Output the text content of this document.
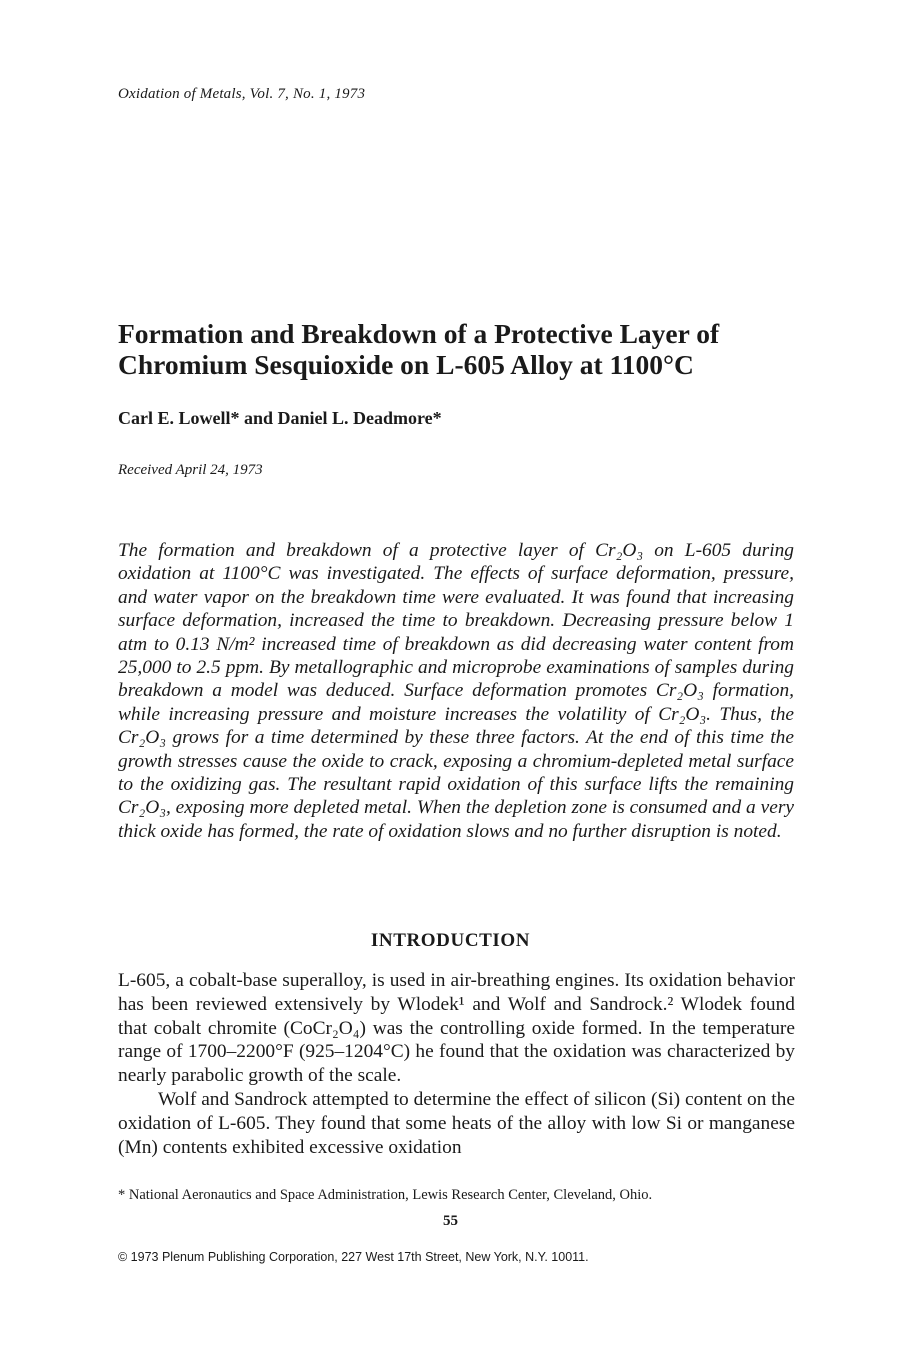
Oxidation of Metals, Vol. 7, No. 1, 1973
Formation and Breakdown of a Protective Layer of Chromium Sesquioxide on L-605 Alloy at 1100°C
Carl E. Lowell* and Daniel L. Deadmore*
Received April 24, 1973

The formation and breakdown of a protective layer of Cr₂O₃ on L-605 during oxidation at 1100°C was investigated. The effects of surface deformation, pressure, and water vapor on the breakdown time were evaluated. It was found that increasing surface deformation, increased the time to breakdown. Decreasing pressure below 1 atm to 0.13 N/m² increased time of breakdown as did decreasing water content from 25,000 to 2.5 ppm. By metallographic and microprobe examinations of samples during breakdown a model was deduced. Surface deformation promotes Cr₂O₃ formation, while increasing pressure and moisture increases the volatility of Cr₂O₃. Thus, the Cr₂O₃ grows for a time determined by these three factors. At the end of this time the growth stresses cause the oxide to crack, exposing a chromium-depleted metal surface to the oxidizing gas. The resultant rapid oxidation of this surface lifts the remaining Cr₂O₃, exposing more depleted metal. When the depletion zone is consumed and a very thick oxide has formed, the rate of oxidation slows and no further disruption is noted.

INTRODUCTION

L-605, a cobalt-base superalloy, is used in air-breathing engines. Its oxidation behavior has been reviewed extensively by Wlodek¹ and Wolf and Sandrock.² Wlodek found that cobalt chromite (CoCr₂O₄) was the controlling oxide formed. In the temperature range of 1700–2200°F (925–1204°C) he found that the oxidation was characterized by nearly parabolic growth of the scale.

Wolf and Sandrock attempted to determine the effect of silicon (Si) content on the oxidation of L-605. They found that some heats of the alloy with low Si or manganese (Mn) contents exhibited excessive oxidation

* National Aeronautics and Space Administration, Lewis Research Center, Cleveland, Ohio.
55
© 1973 Plenum Publishing Corporation, 227 West 17th Street, New York, N.Y. 10011.
